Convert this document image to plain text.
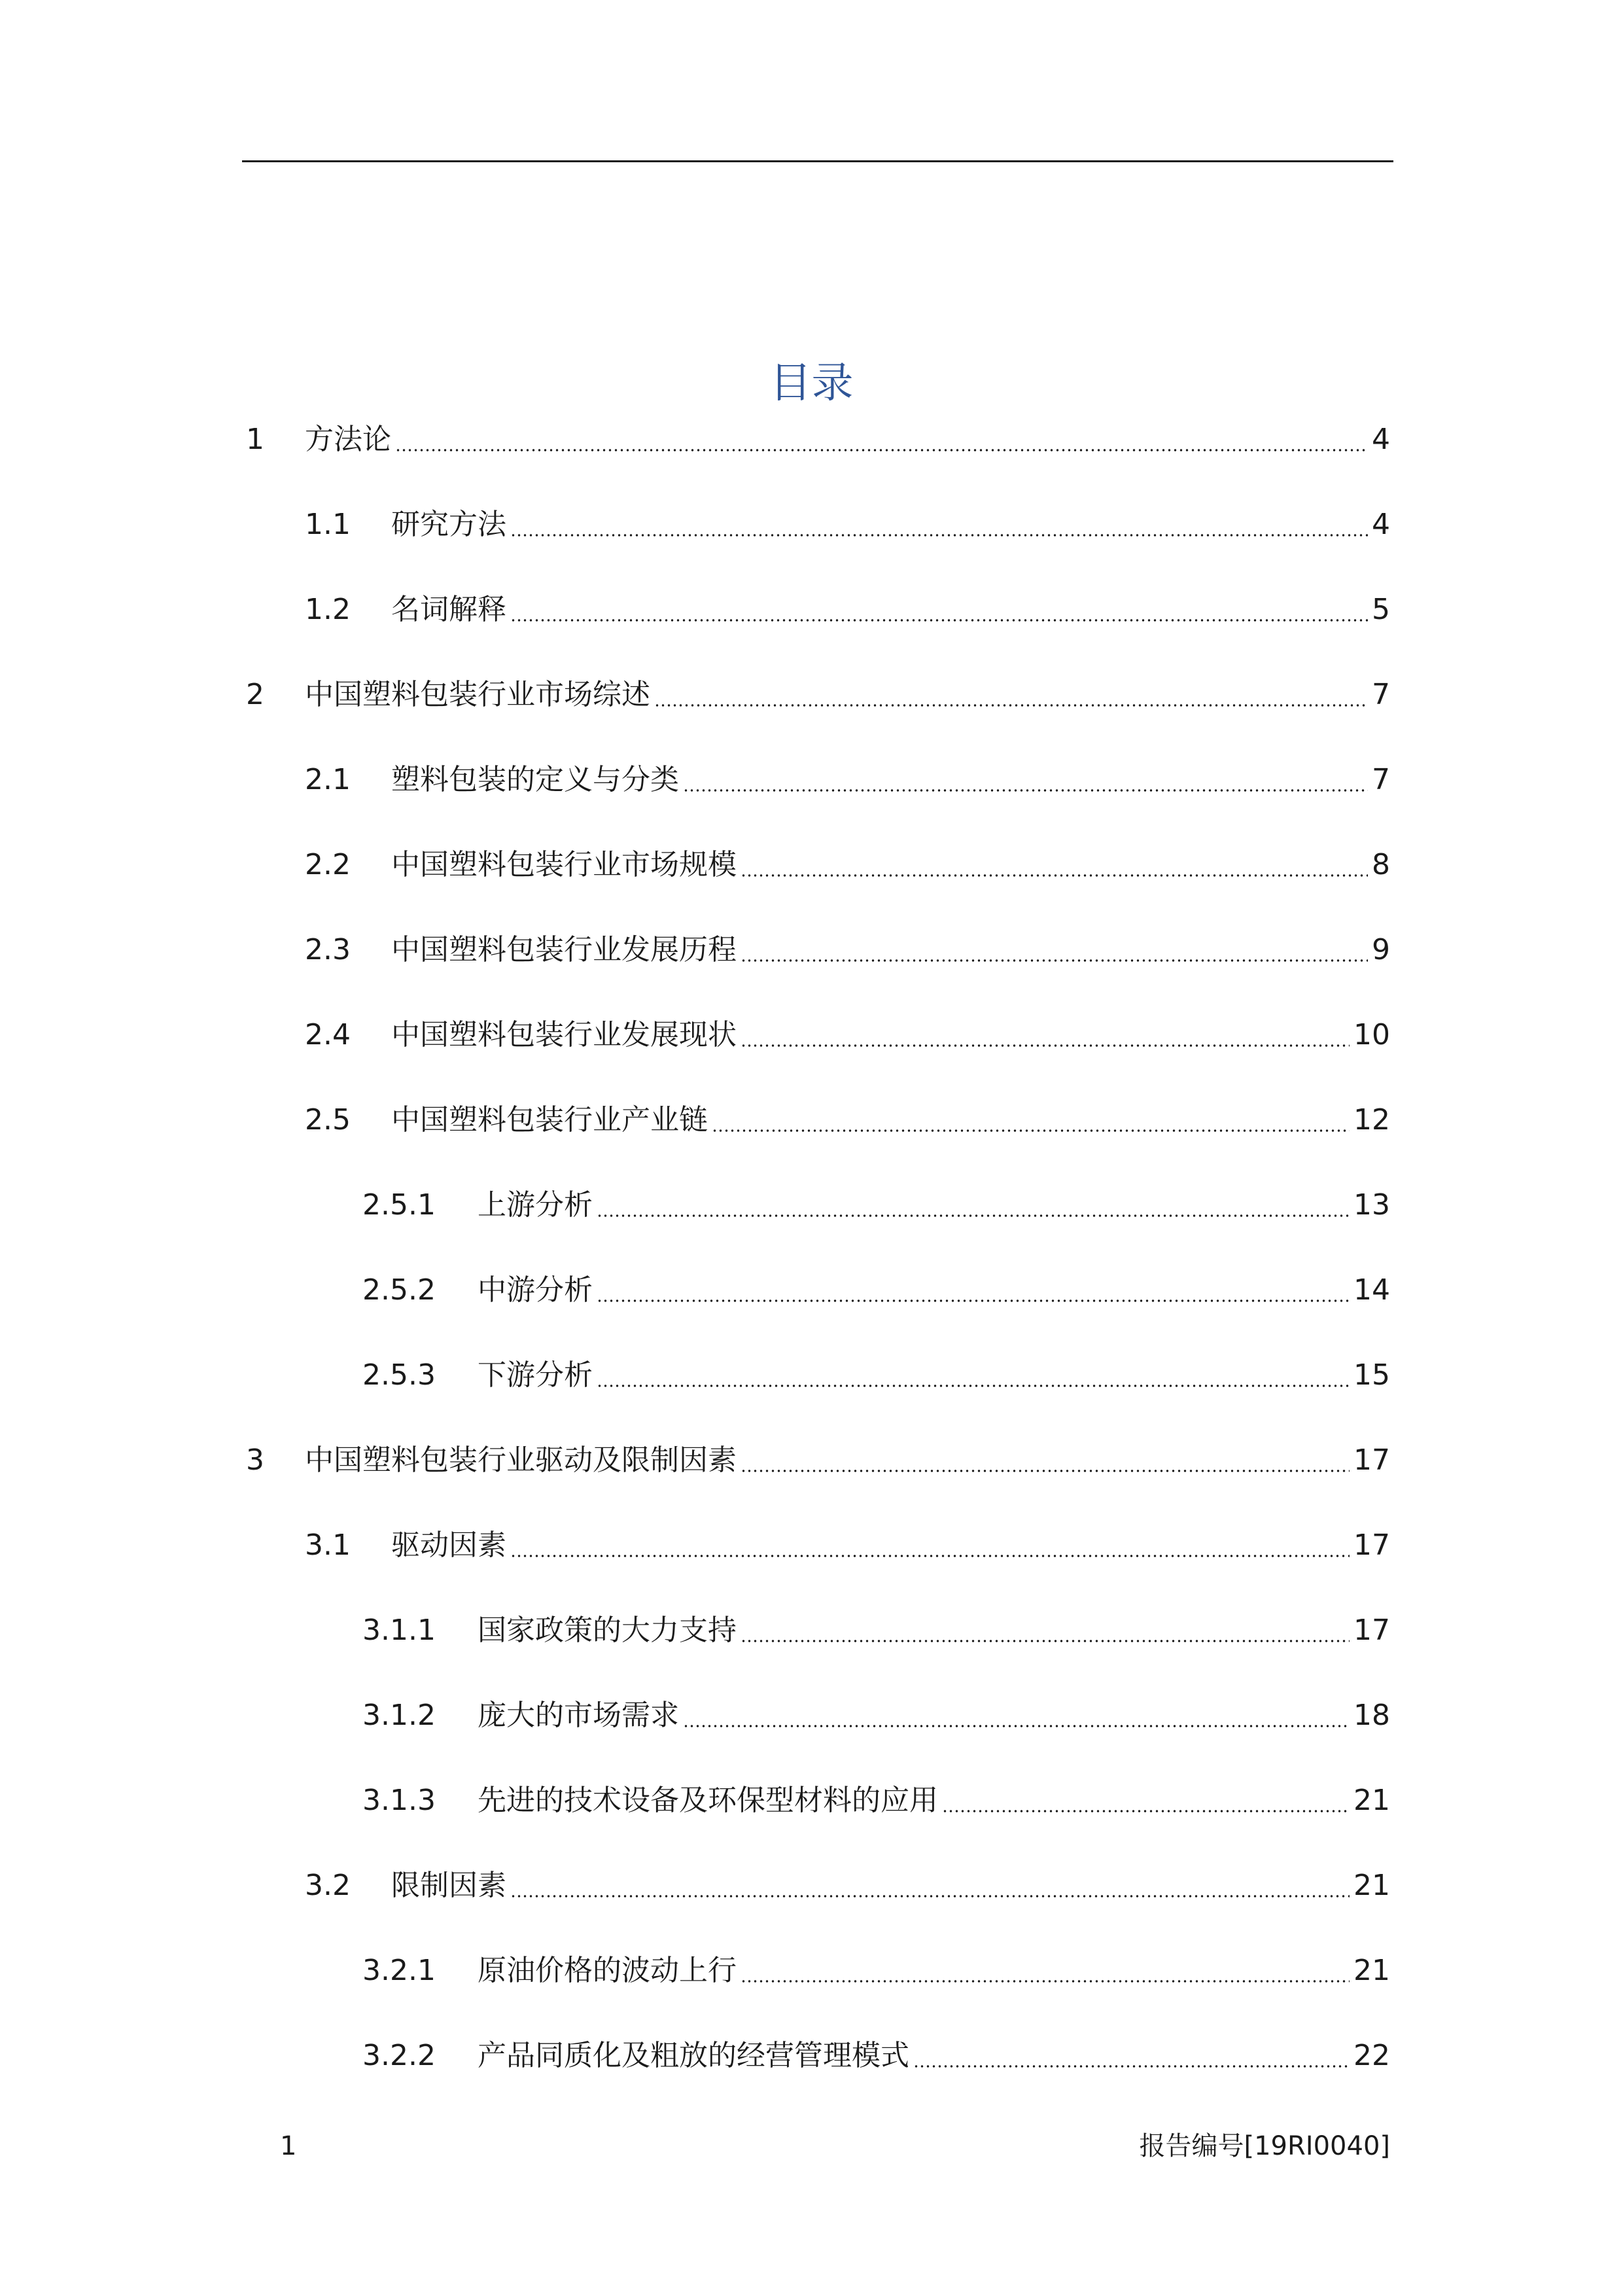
目录
1	方法论	4
1.1	研究方法	4
1.2	名词解释	5
2	中国塑料包装行业市场综述	7
2.1	塑料包装的定义与分类	7
2.2	中国塑料包装行业市场规模	8
2.3	中国塑料包装行业发展历程	9
2.4	中国塑料包装行业发展现状	10
2.5	中国塑料包装行业产业链	12
2.5.1	上游分析	13
2.5.2	中游分析	14
2.5.3	下游分析	15
3	中国塑料包装行业驱动及限制因素	17
3.1	驱动因素	17
3.1.1	国家政策的大力支持	17
3.1.2	庞大的市场需求	18
3.1.3	先进的技术设备及环保型材料的应用	21
3.2	限制因素	21
3.2.1	原油价格的波动上行	21
3.2.2	产品同质化及粗放的经营管理模式	22
1	报告编号[19RI0040]
